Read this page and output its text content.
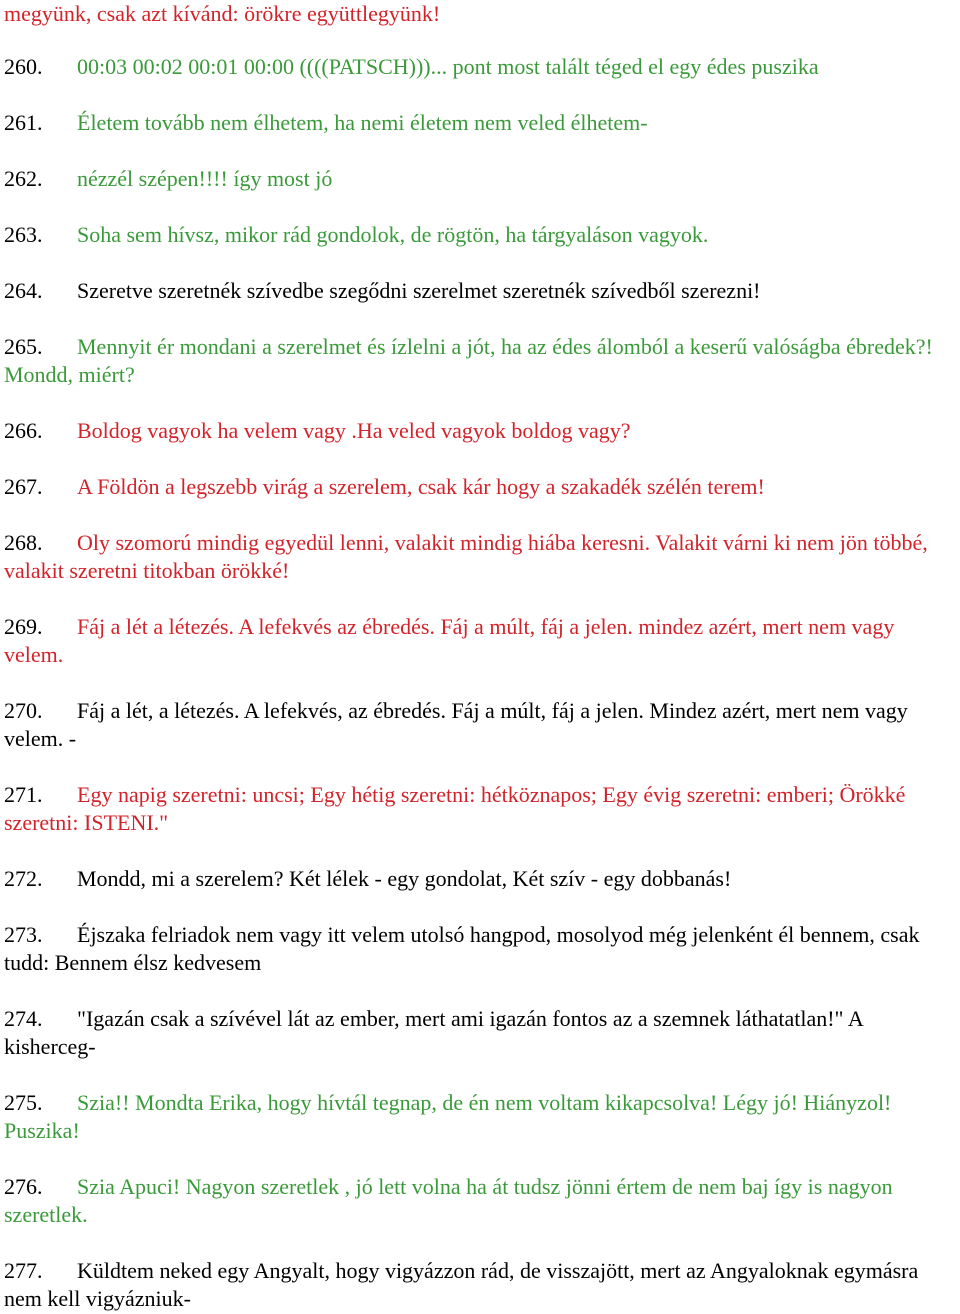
megyünk, csak azt kívánd: örökre együttlegyünk!

260. 00:03 00:02 00:01 00:00 ((((PATSCH)))... pont most talált téged el egy édes puszika

261. Életem tovább nem élhetem, ha nemi életem nem veled élhetem-

262. nézzél szépen!!!! így most jó

263. Soha sem hívsz, mikor rád gondolok, de rögtön, ha tárgyaláson vagyok.

264. Szeretve szeretnék szívedbe szegődni szerelmet szeretnék szívedből szerezni!

265. Mennyit ér mondani a szerelmet és ízlelni a jót, ha az édes álomból a keserű valóságba ébredek?! Mondd, miért?

266. Boldog vagyok ha velem vagy .Ha veled vagyok boldog vagy?

267. A Földön a legszebb virág a szerelem, csak kár hogy a szakadék szélén terem!

268. Oly szomorú mindig egyedül lenni, valakit mindig hiába keresni. Valakit várni ki nem jön többé, valakit szeretni titokban örökké!

269. Fáj a lét a létezés. A lefekvés az ébredés. Fáj a múlt, fáj a jelen. mindez azért, mert nem vagy velem.

270. Fáj a lét, a létezés. A lefekvés, az ébredés. Fáj a múlt, fáj a jelen. Mindez azért, mert nem vagy velem. -

271. Egy napig szeretni: uncsi; Egy hétig szeretni: hétköznapos; Egy évig szeretni: emberi; Örökké szeretni: ISTENI."

272. Mondd, mi a szerelem? Két lélek - egy gondolat, Két szív - egy dobbanás!

273. Éjszaka felriadok nem vagy itt velem utolsó hangpod, mosolyod még jelenként él bennem, csak tudd: Bennem élsz kedvesem

274. "Igazán csak a szívével lát az ember, mert ami igazán fontos az a szemnek láthatatlan!" A kisherceg-

275. Szia!! Mondta Erika, hogy hívtál tegnap, de én nem voltam kikapcsolva! Légy jó! Hiányzol! Puszika!

276. Szia Apuci! Nagyon szeretlek , jó lett volna ha át tudsz jönni értem de nem baj így is nagyon szeretlek.

277. Küldtem neked egy Angyalt, hogy vigyázzon rád, de visszajött, mert az Angyaloknak egymásra nem kell vigyázniuk-
